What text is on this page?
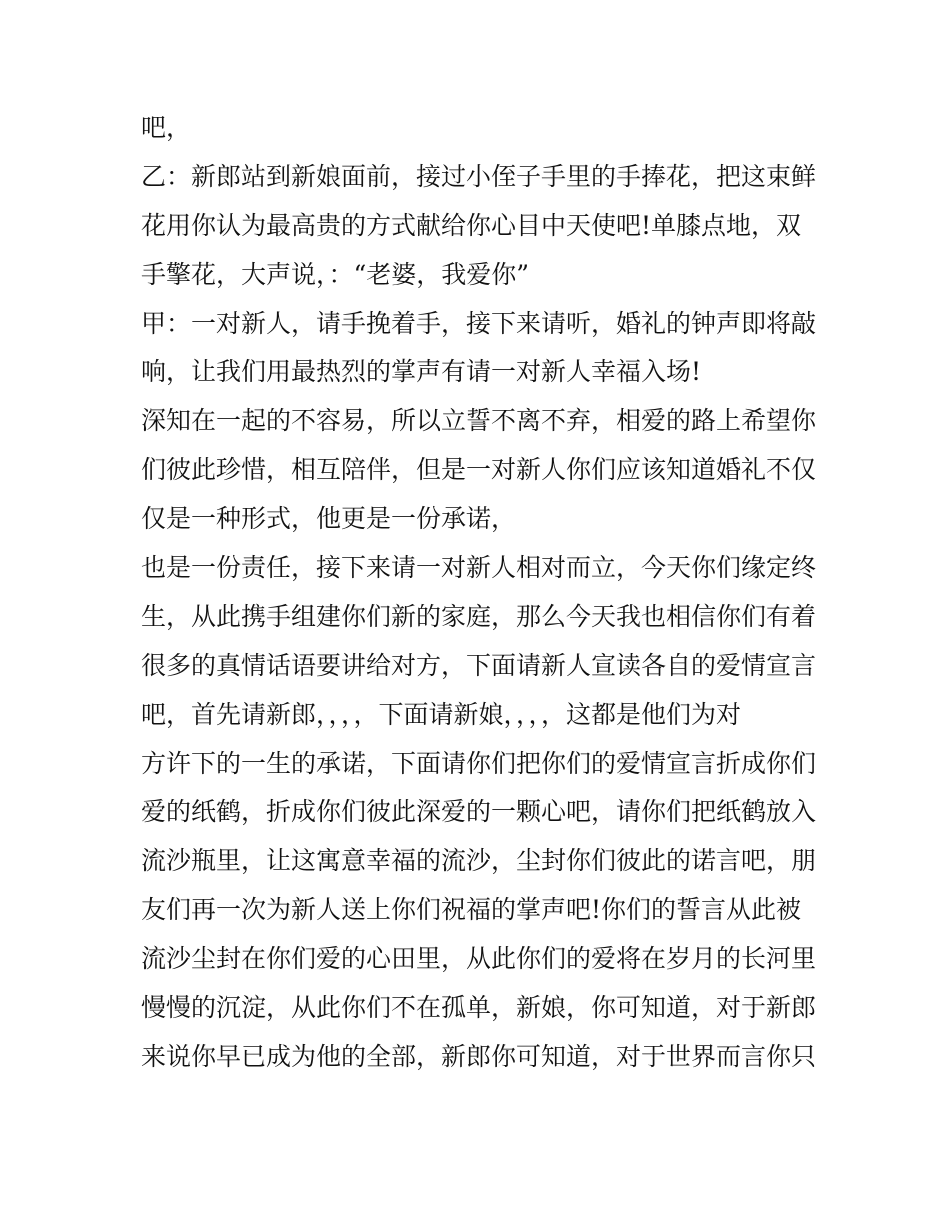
吧，
乙：新郎站到新娘面前，接过小侄子手里的手捧花，把这束鲜
花用你认为最高贵的方式献给你心目中天使吧!单膝点地，双
手擎花，大声说，：“老婆，我爱你”
甲：一对新人，请手挽着手，接下来请听，婚礼的钟声即将敲
响，让我们用最热烈的掌声有请一对新人幸福入场!
深知在一起的不容易，所以立誓不离不弃，相爱的路上希望你
们彼此珍惜，相互陪伴，但是一对新人你们应该知道婚礼不仅
仅是一种形式，他更是一份承诺，
也是一份责任，接下来请一对新人相对而立，今天你们缘定终
生，从此携手组建你们新的家庭，那么今天我也相信你们有着
很多的真情话语要讲给对方，下面请新人宣读各自的爱情宣言
吧，首先请新郎，，，，下面请新娘，，，，这都是他们为对
方许下的一生的承诺，下面请你们把你们的爱情宣言折成你们
爱的纸鹤，折成你们彼此深爱的一颗心吧，请你们把纸鹤放入
流沙瓶里，让这寓意幸福的流沙，尘封你们彼此的诺言吧，朋
友们再一次为新人送上你们祝福的掌声吧!你们的誓言从此被
流沙尘封在你们爱的心田里，从此你们的爱将在岁月的长河里
慢慢的沉淀，从此你们不在孤单，新娘，你可知道，对于新郎
来说你早已成为他的全部，新郎你可知道，对于世界而言你只
